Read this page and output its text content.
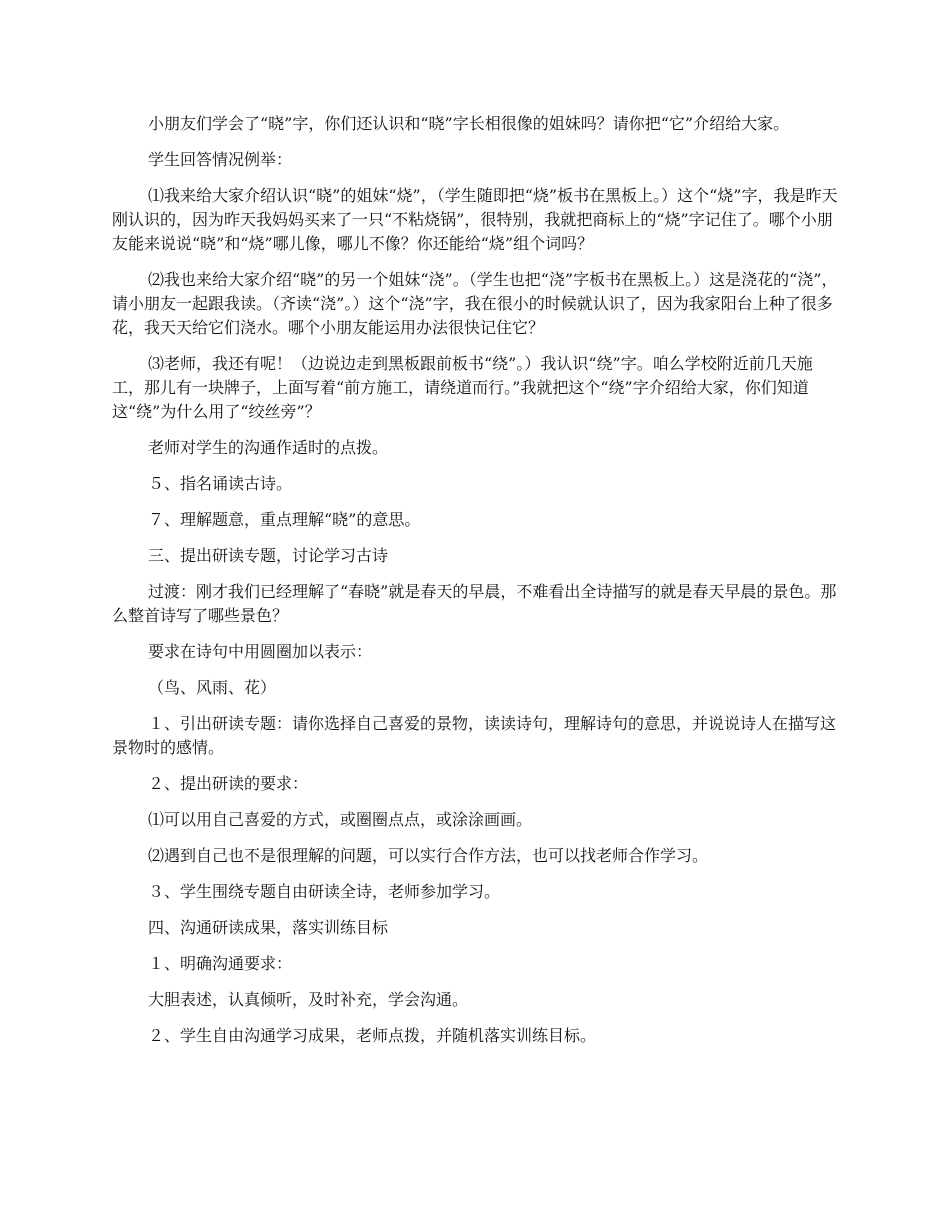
小朋友们学会了“晓”字，你们还认识和“晓”字长相很像的姐妹吗？请你把“它”介绍给大家。

学生回答情况例举：

⑴我来给大家介绍认识“晓”的姐妹“烧”，（学生随即把“烧”板书在黑板上。）这个“烧”字，我是昨天刚认识的，因为昨天我妈妈买来了一只“不粘烧锅”，很特别，我就把商标上的“烧”字记住了。哪个小朋友能来说说“晓”和“烧”哪儿像，哪儿不像？你还能给“烧”组个词吗？

⑵我也来给大家介绍“晓”的另一个姐妹“浇”。（学生也把“浇”字板书在黑板上。）这是浇花的“浇”，请小朋友一起跟我读。（齐读“浇”。）这个“浇”字，我在很小的时候就认识了，因为我家阳台上种了很多花，我天天给它们浇水。哪个小朋友能运用办法很快记住它？

⑶老师，我还有呢！（边说边走到黑板跟前板书“绕”。）我认识“绕”字。咱么学校附近前几天施工，那儿有一块牌子，上面写着“前方施工，请绕道而行。”我就把这个“绕”字介绍给大家，你们知道这“绕”为什么用了“绞丝旁”？

老师对学生的沟通作适时的点拨。

５、指名诵读古诗。

７、理解题意，重点理解“晓”的意思。

三、提出研读专题，讨论学习古诗

过渡：刚才我们已经理解了“春晓”就是春天的早晨，不难看出全诗描写的就是春天早晨的景色。那么整首诗写了哪些景色？

要求在诗句中用圆圈加以表示：

（鸟、风雨、花）

１、引出研读专题：请你选择自己喜爱的景物，读读诗句，理解诗句的意思，并说说诗人在描写这景物时的感情。

２、提出研读的要求：

⑴可以用自己喜爱的方式，或圈圈点点，或涂涂画画。

⑵遇到自己也不是很理解的问题，可以实行合作方法，也可以找老师合作学习。

３、学生围绕专题自由研读全诗，老师参加学习。

四、沟通研读成果，落实训练目标

１、明确沟通要求：

大胆表述，认真倾听，及时补充，学会沟通。

２、学生自由沟通学习成果，老师点拨，并随机落实训练目标。
